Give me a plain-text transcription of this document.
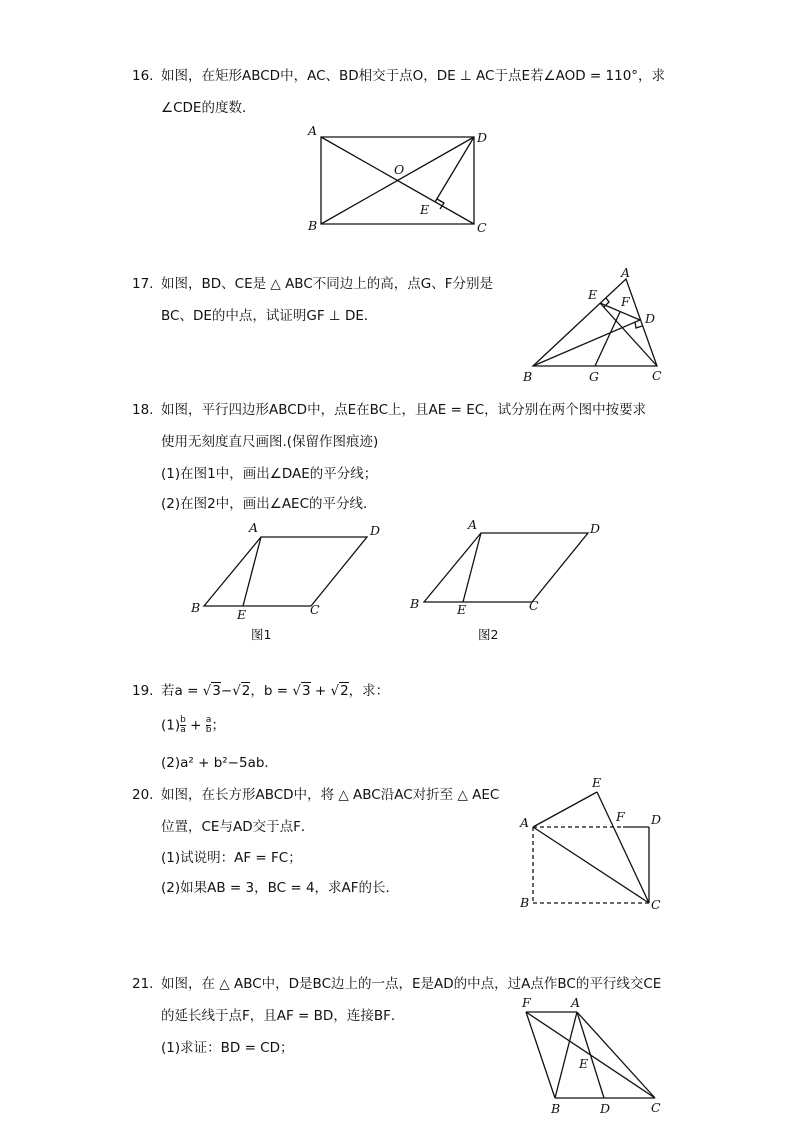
16. 如图，在矩形ABCD中，AC、BD相交于点O，DE ⊥ AC于点E若∠AOD = 110°，求
∠CDE的度数．
A	D
B	C
O
E
17. 如图，BD、CE是 △ ABC不同边上的高，点G、F分别是
BC、DE的中点，试证明GF ⊥ DE．
A
E F
D
B	G	C
18. 如图，平行四边形ABCD中，点E在BC上，且AE = EC，试分别在两个图中按要求
使用无刻度直尺画图.(保留作图痕迹)
(1)在图1中，画出∠DAE的平分线；
(2)在图2中，画出∠AEC的平分线．
A	D
B	E	C
图1
A	D
B	E	C
图2
19. 若a = √3−√2，b = √3 + √2，求：
$(1) \frac{b}{a} + \frac{a}{b}$ ；
(2)a² + b²−5ab．
20. 如图，在长方形ABCD中，将 △ ABC沿AC对折至 △ AEC
位置，CE与AD交于点F．
(1)试说明：AF = FC；
(2)如果AB = 3，BC = 4，求AF的长．
E
A	F D
B	C
21. 如图，在 △ ABC中，D是BC边上的一点，E是AD的中点，过A点作BC的平行线交CE
的延长线于点F，且AF = BD，连接BF．
(1)求证：BD = CD；
F	A
E
B	D	C
